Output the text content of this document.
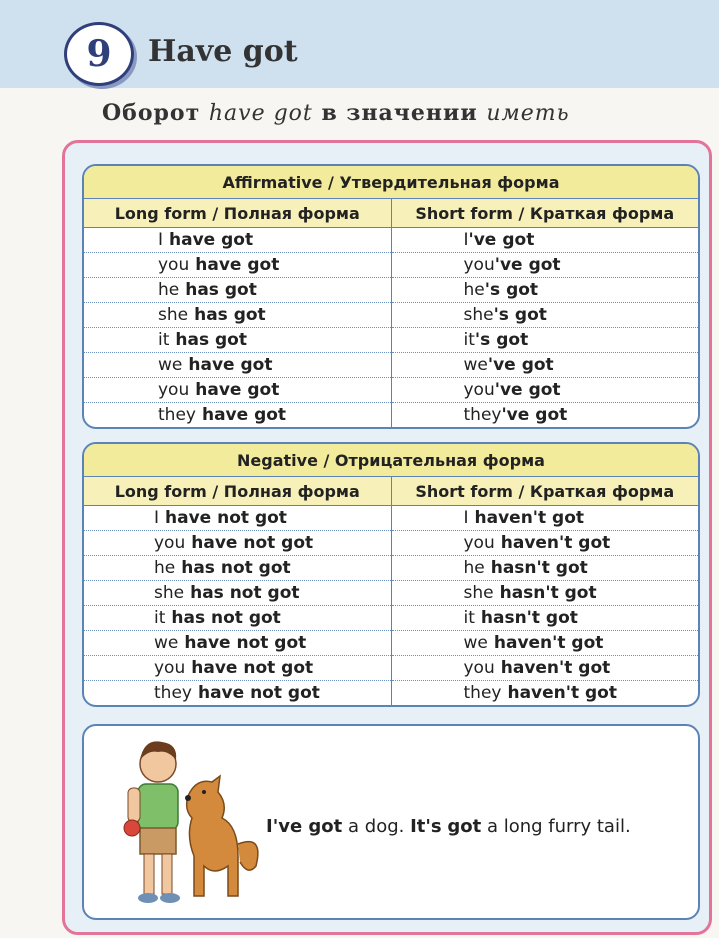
9 Have got
Оборот have got в значении иметь
Affirmative / Утвердительная форма
Long form / Полная форма	Short form / Краткая форма
I have got
you have got
he has got
she has got
it has got
we have got
you have got
they have got
I 've got
you 've got
he 's got
she 's got
it 's got
we 've got
you 've got
they 've got
Negative / Отрицательная форма
Long form / Полная форма	Short form / Краткая форма
I have not got
you have not got
he has not got
she has not got
it has not got
we have not got
you have not got
they have not got
I haven't got
you haven't got
he hasn't got
she hasn't got
it hasn't got
we haven't got
you haven't got
they haven't got
I've got a dog. It's got a long furry tail.
